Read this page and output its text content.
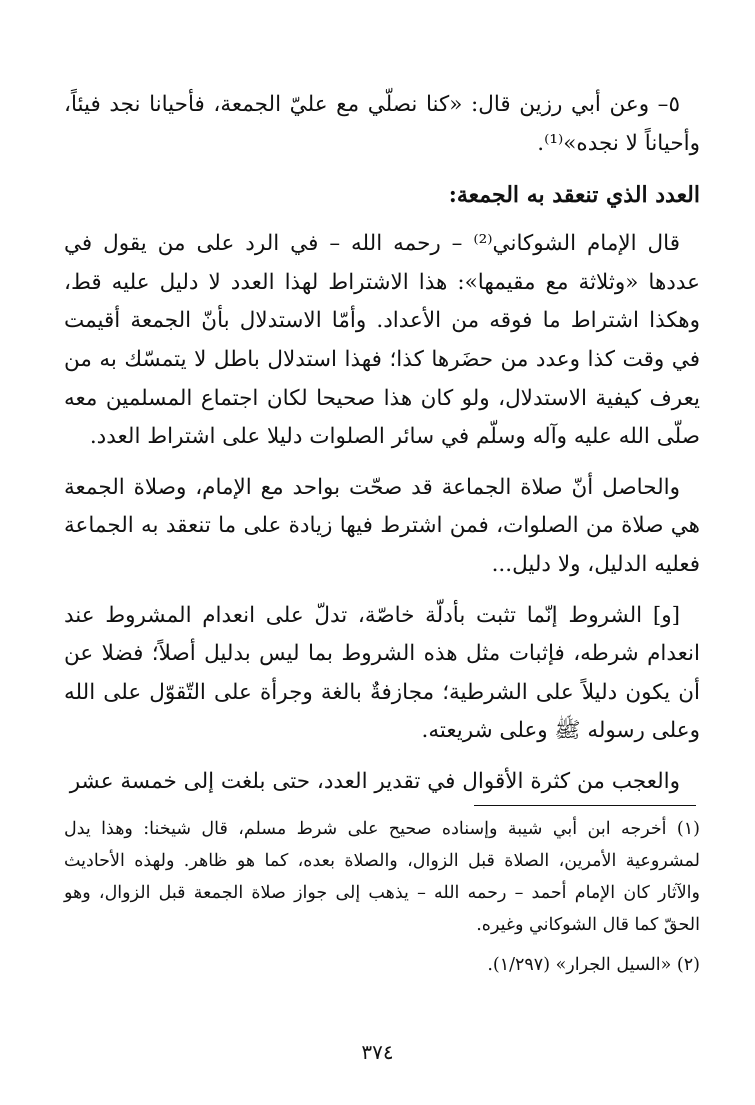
٥– وعن أبي رزين قال: «كنا نصلّي مع عليّ الجمعة، فأحيانا نجد فيئاً، وأحياناً لا نجده»⁽¹⁾.

العدد الذي تنعقد به الجمعة:

قال الإمام الشوكاني⁽²⁾ – رحمه الله – في الرد على من يقول في عددها «وثلاثة مع مقيمها»: هذا الاشتراط لهذا العدد لا دليل عليه قط، وهكذا اشتراط ما فوقه من الأعداد. وأمّا الاستدلال بأنّ الجمعة أقيمت في وقت كذا وعدد من حضَرها كذا؛ فهذا استدلال باطل لا يتمسّك به من يعرف كيفية الاستدلال، ولو كان هذا صحيحا لكان اجتماع المسلمين معه صلّى الله عليه وآله وسلّم في سائر الصلوات دليلا على اشتراط العدد.

والحاصل أنّ صلاة الجماعة قد صحّت بواحد مع الإمام، وصلاة الجمعة هي صلاة من الصلوات، فمن اشترط فيها زيادة على ما تنعقد به الجماعة فعليه الدليل، ولا دليل...

[و] الشروط إنّما تثبت بأدلّة خاصّة، تدلّ على انعدام المشروط عند انعدام شرطه، فإثبات مثل هذه الشروط بما ليس بدليل أصلاً؛ فضلا عن أن يكون دليلاً على الشرطية؛ مجازفةٌ بالغة وجرأة على التّقوّل على الله وعلى رسوله ﷺ وعلى شريعته.

والعجب من كثرة الأقوال في تقدير العدد، حتى بلغت إلى خمسة عشر

(١) أخرجه ابن أبي شيبة وإسناده صحيح على شرط مسلم، قال شيخنا: وهذا يدل لمشروعية الأمرين، الصلاة قبل الزوال، والصلاة بعده، كما هو ظاهر. ولهذه الأحاديث والآثار كان الإمام أحمد – رحمه الله – يذهب إلى جواز صلاة الجمعة قبل الزوال، وهو الحقّ كما قال الشوكاني وغيره.

(٢) «السيل الجرار» (١/٢٩٧).

٣٧٤
